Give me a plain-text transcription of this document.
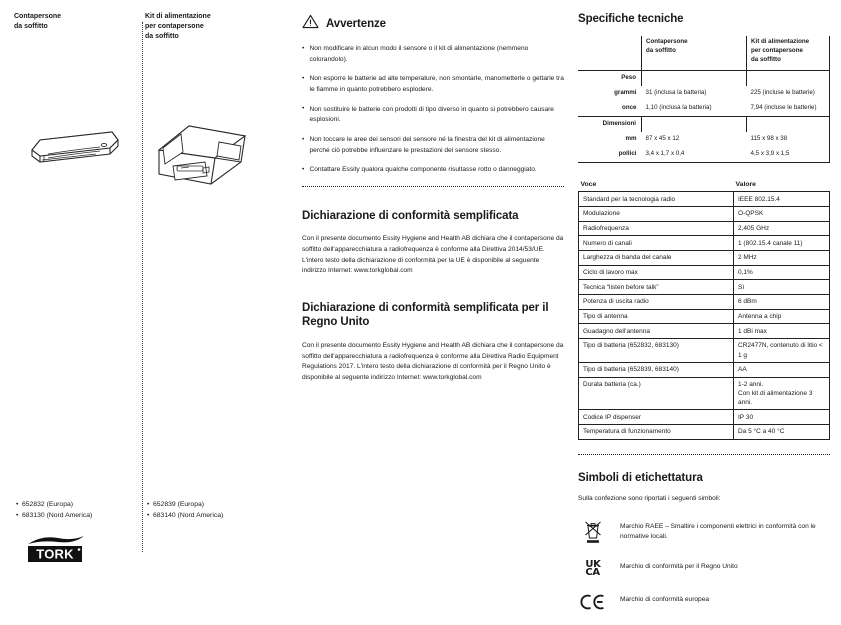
Contapersone
da soffitto

Kit di alimentazione
per contapersone
da soffitto

• 652832 (Europa)
• 683130 (Nord America)
• 652839 (Europa)
• 683140 (Nord America)
TORK
Avvertenze
• Non modificare in alcun modo il sensore o il kit di alimentazione (nemmeno colorandolo).
• Non esporre le batterie ad alte temperature, non smontarle, manometterle o gettarle tra le fiamme in quanto potrebbero esplodere.
• Non sostituire le batterie con prodotti di tipo diverso in quanto si potrebbero causare esplosioni.
• Non toccare le aree dei sensori del sensore né la finestra del kit di alimentazione perché ciò potrebbe influenzare le prestazioni del sensore stesso.
• Contattare Essity qualora qualche componente risultasse rotto o danneggiato.
Dichiarazione di conformità semplificata

Con il presente documento Essity Hygiene and Health AB dichiara che il contapersone da soffitto dell'apparecchiatura a radiofrequenza è conforme alla Direttiva 2014/53/UE. L'intero testo della dichiarazione di conformità per la UE è disponibile al seguente indirizzo Internet: www.torkglobal.com

Dichiarazione di conformità semplificata per il Regno Unito

Con il presente documento Essity Hygiene and Health AB dichiara che il contapersone da soffitto dell'apparecchiatura a radiofrequenza è conforme alla Direttiva Radio Equipment Regulations 2017. L'intero testo della dichiarazione di conformità per il Regno Unito è disponibile al seguente indirizzo Internet: www.torkglobal.com

Specifiche tecniche
	Contapersone
da soffitto	Kit di alimentazione
per contapersone
da soffitto
Peso		
grammi	31 (inclusa la batteria)	225 (incluse le batterie)
once	1,10 (inclusa la batteria)	7,94 (incluse le batterie)
Dimensioni		
mm	87 x 45 x 12	115 x 98 x 38
pollici	3,4 x 1,7 x 0,4	4,5 x 3,9 x 1,5
Voce	Valore
Standard per la tecnologia radio	IEEE 802.15.4
Modulazione	O-QPSK
Radiofrequenza	2,405 GHz
Numero di canali	1 (802.15.4 canale 11)
Larghezza di banda del canale	2 MHz
Ciclo di lavoro max	0,1%
Tecnica “listen before talk”	Sì
Potenza di uscita radio	6 dBm
Tipo di antenna	Antenna a chip
Guadagno dell'antenna	1 dBi max
Tipo di batteria (652832, 683130)	CR2477N, contenuto di litio < 1 g
Tipo di batteria (652839, 683140)	AA
Durata batteria (ca.)	1-2 anni.
Con kit di alimentazione 3 anni.
Codice IP dispenser	IP 30
Temperatura di funzionamento	Da 5 °C a 40 °C
Simboli di etichettatura

Sulla confezione sono riportati i seguenti simboli:

Marchio RAEE – Smaltire i componenti elettrici in conformità con le normative locali.
UK
CA
Marchio di conformità per il Regno Unito
Marchio di conformità europea
